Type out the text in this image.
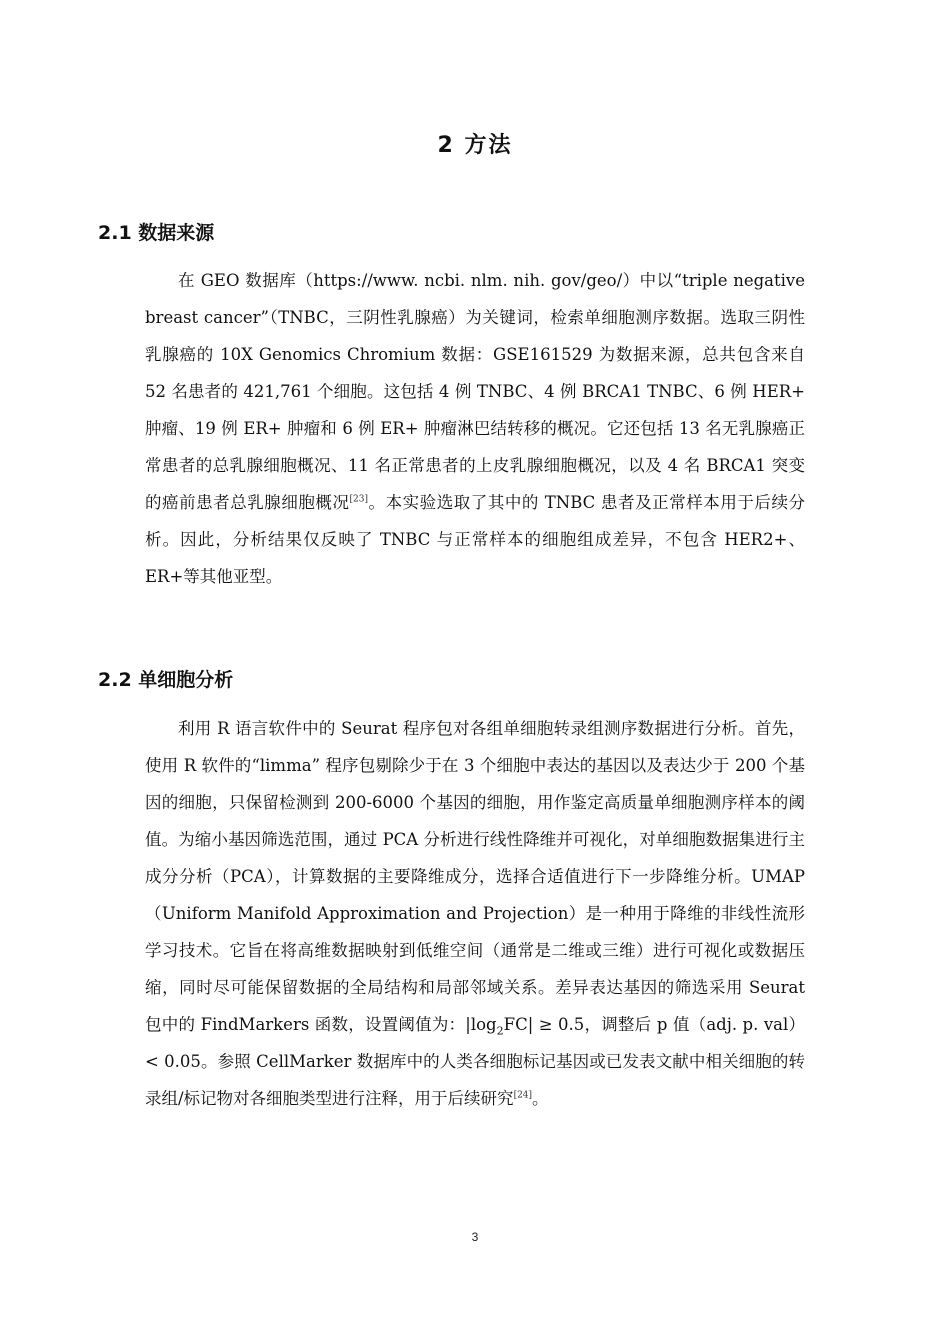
2 方法
2.1 数据来源

在 GEO 数据库（https://www. ncbi. nlm. nih. gov/geo/）中以“triple negative breast cancer”（TNBC，三阴性乳腺癌）为关键词，检索单细胞测序数据。选取三阴性乳腺癌的 10X Genomics Chromium 数据：GSE161529 为数据来源，总共包含来自 52 名患者的 421,761 个细胞。这包括 4 例 TNBC、4 例 BRCA1 TNBC、6 例 HER+ 肿瘤、19 例 ER+ 肿瘤和 6 例 ER+ 肿瘤淋巴结转移的概况。它还包括 13 名无乳腺癌正常患者的总乳腺细胞概况、11 名正常患者的上皮乳腺细胞概况，以及 4 名 BRCA1 突变的癌前患者总乳腺细胞概况[23]。本实验选取了其中的 TNBC 患者及正常样本用于后续分析。因此，分析结果仅反映了 TNBC 与正常样本的细胞组成差异，不包含 HER2+、ER+等其他亚型。

2.2 单细胞分析

利用 R 语言软件中的 Seurat 程序包对各组单细胞转录组测序数据进行分析。首先，使用 R 软件的“limma” 程序包剔除少于在 3 个细胞中表达的基因以及表达少于 200 个基因的细胞，只保留检测到 200-6000 个基因的细胞，用作鉴定高质量单细胞测序样本的阈值。为缩小基因筛选范围，通过 PCA 分析进行线性降维并可视化，对单细胞数据集进行主成分分析（PCA），计算数据的主要降维成分，选择合适值进行下一步降维分析。UMAP（Uniform Manifold Approximation and Projection）是一种用于降维的非线性流形学习技术。它旨在将高维数据映射到低维空间（通常是二维或三维）进行可视化或数据压缩，同时尽可能保留数据的全局结构和局部邻域关系。差异表达基因的筛选采用 Seurat 包中的 FindMarkers 函数，设置阈值为：$|\log_2FC| \ge 0.5$，调整后 p 值（adj. p. val）< 0.05。参照 CellMarker 数据库中的人类各细胞标记基因或已发表文献中相关细胞的转录组/标记物对各细胞类型进行注释，用于后续研究[24]。

3
